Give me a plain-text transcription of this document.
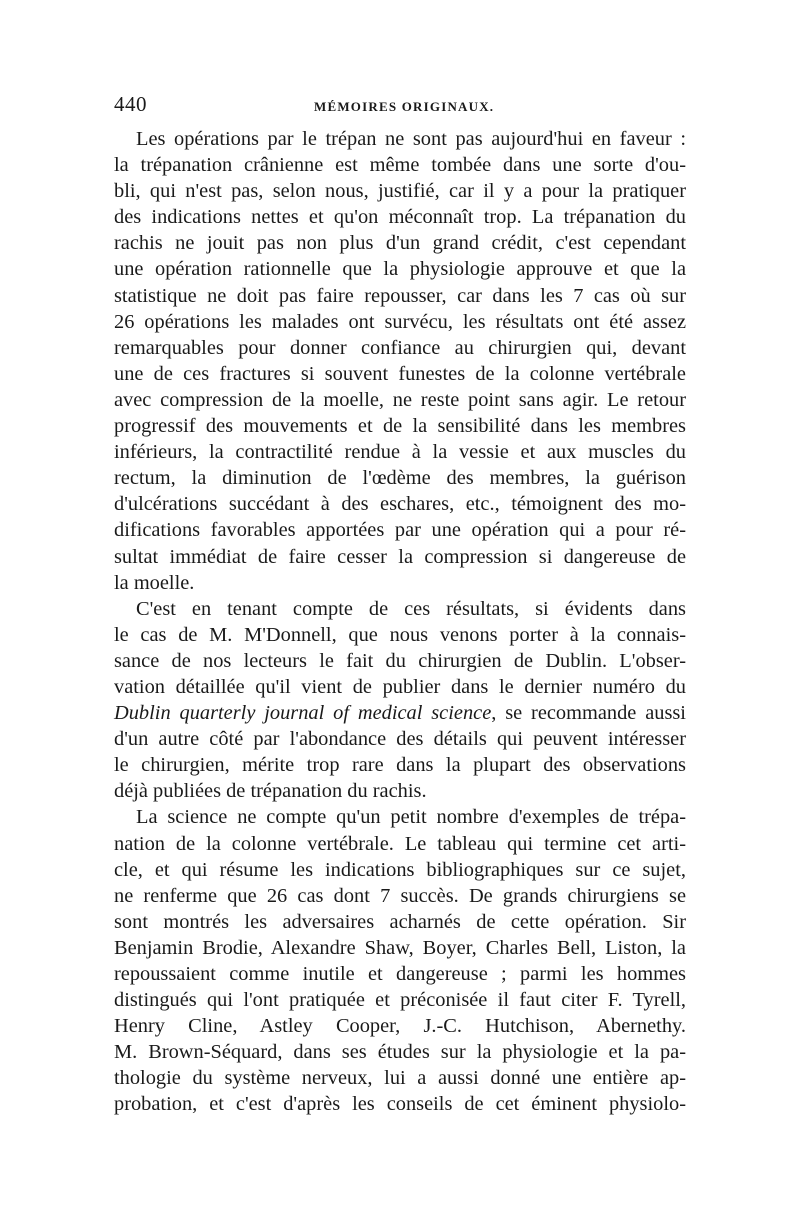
440	MÉMOIRES ORIGINAUX.

Les opérations par le trépan ne sont pas aujourd'hui en faveur :
la trépanation crânienne est même tombée dans une sorte d'ou-
bli, qui n'est pas, selon nous, justifié, car il y a pour la pratiquer
des indications nettes et qu'on méconnaît trop. La trépanation du
rachis ne jouit pas non plus d'un grand crédit, c'est cependant
une opération rationnelle que la physiologie approuve et que la
statistique ne doit pas faire repousser, car dans les 7 cas où sur
26 opérations les malades ont survécu, les résultats ont été assez
remarquables pour donner confiance au chirurgien qui, devant
une de ces fractures si souvent funestes de la colonne vertébrale
avec compression de la moelle, ne reste point sans agir. Le retour
progressif des mouvements et de la sensibilité dans les membres
inférieurs, la contractilité rendue à la vessie et aux muscles du
rectum, la diminution de l'œdème des membres, la guérison
d'ulcérations succédant à des eschares, etc., témoignent des mo-
difications favorables apportées par une opération qui a pour ré-
sultat immédiat de faire cesser la compression si dangereuse de
la moelle.

C'est en tenant compte de ces résultats, si évidents dans
le cas de M. M'Donnell, que nous venons porter à la connais-
sance de nos lecteurs le fait du chirurgien de Dublin. L'obser-
vation détaillée qu'il vient de publier dans le dernier numéro du
Dublin quarterly journal of medical science, se recommande aussi
d'un autre côté par l'abondance des détails qui peuvent intéresser
le chirurgien, mérite trop rare dans la plupart des observations
déjà publiées de trépanation du rachis.

La science ne compte qu'un petit nombre d'exemples de trépa-
nation de la colonne vertébrale. Le tableau qui termine cet arti-
cle, et qui résume les indications bibliographiques sur ce sujet,
ne renferme que 26 cas dont 7 succès. De grands chirurgiens se
sont montrés les adversaires acharnés de cette opération. Sir
Benjamin Brodie, Alexandre Shaw, Boyer, Charles Bell, Liston, la
repoussaient comme inutile et dangereuse ; parmi les hommes
distingués qui l'ont pratiquée et préconisée il faut citer F. Tyrell,
Henry Cline, Astley Cooper, J.-C. Hutchison, Abernethy.
M. Brown-Séquard, dans ses études sur la physiologie et la pa-
thologie du système nerveux, lui a aussi donné une entière ap-
probation, et c'est d'après les conseils de cet éminent physiolo-
